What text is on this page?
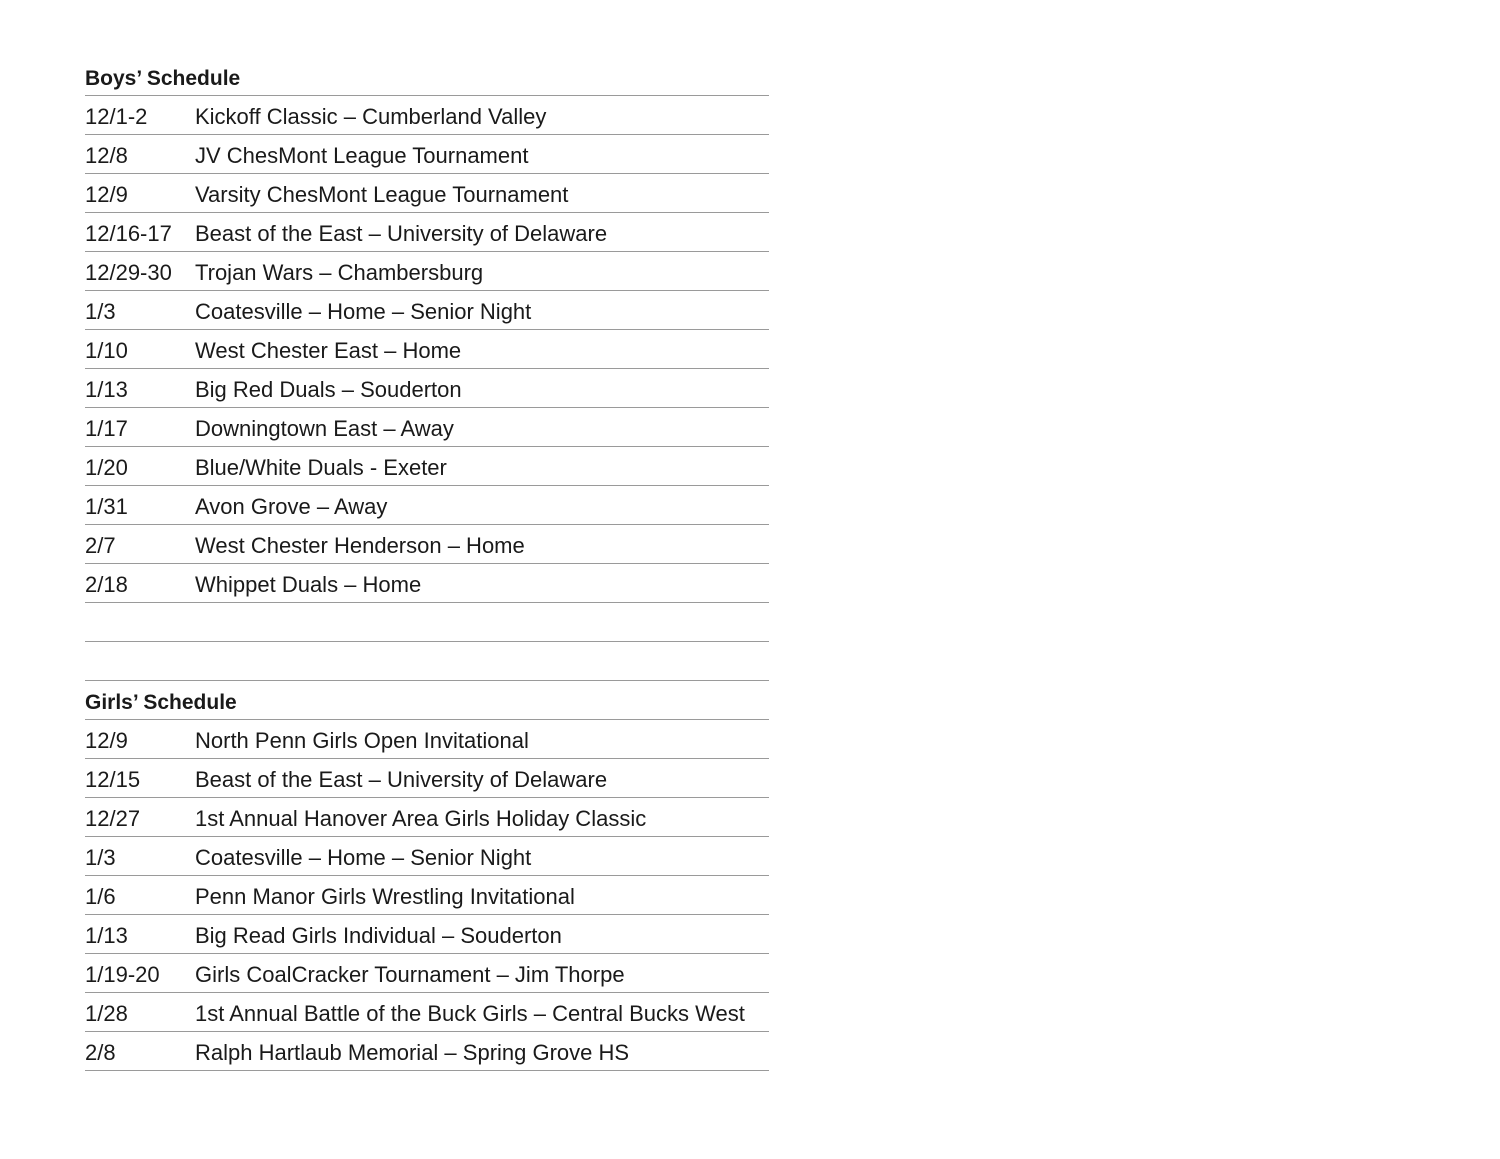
Boys’ Schedule
12/1-2	Kickoff Classic – Cumberland Valley
12/8	JV ChesMont League Tournament
12/9	Varsity ChesMont League Tournament
12/16-17	Beast of the East – University of Delaware
12/29-30	Trojan Wars – Chambersburg
1/3	Coatesville – Home – Senior Night
1/10	West Chester East – Home
1/13	Big Red Duals – Souderton
1/17	Downingtown East – Away
1/20	Blue/White Duals - Exeter
1/31	Avon Grove – Away
2/7	West Chester Henderson – Home
2/18	Whippet Duals – Home
Girls’ Schedule
12/9	North Penn Girls Open Invitational
12/15	Beast of the East – University of Delaware
12/27	1st Annual Hanover Area Girls Holiday Classic
1/3	Coatesville – Home – Senior Night
1/6	Penn Manor Girls Wrestling Invitational
1/13	Big Read Girls Individual – Souderton
1/19-20	Girls CoalCracker Tournament – Jim Thorpe
1/28	1st Annual Battle of the Buck Girls – Central Bucks West
2/8	Ralph Hartlaub Memorial – Spring Grove HS
